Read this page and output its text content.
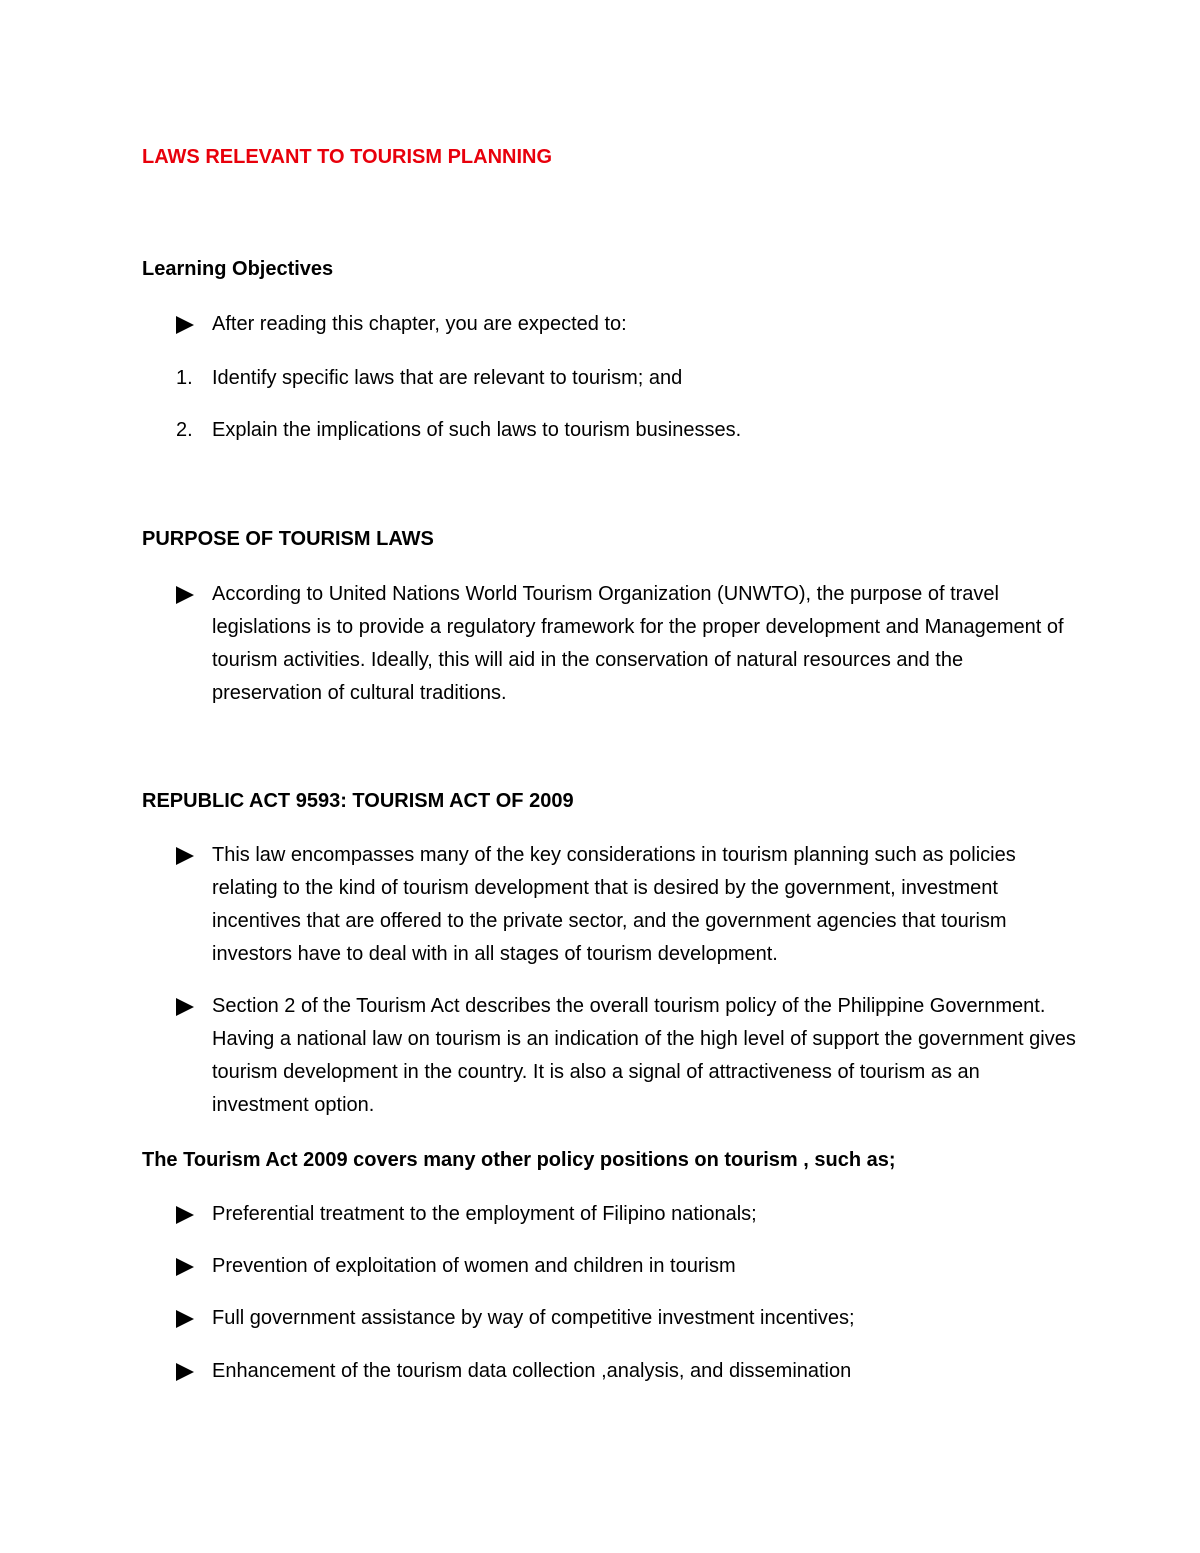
LAWS RELEVANT TO TOURISM PLANNING
Learning Objectives
After reading this chapter, you are expected to:
1. Identify specific laws that are relevant to tourism; and
2. Explain the implications of such laws to tourism businesses.
PURPOSE OF TOURISM LAWS
According to United Nations World Tourism Organization (UNWTO), the purpose of travel legislations is to provide a regulatory framework for the proper development and Management of tourism activities. Ideally, this will aid in the conservation of natural resources and the preservation of cultural traditions.
REPUBLIC ACT 9593: TOURISM ACT OF 2009
This law encompasses many of the key considerations in tourism planning such as policies relating to the kind of tourism development that is desired by the government, investment incentives that are offered to the private sector, and the government agencies that tourism investors have to deal with in all stages of tourism development.
Section 2 of the Tourism Act describes the overall tourism policy of the Philippine Government. Having a national law on tourism is an indication of the high level of support the government gives tourism development in the country. It is also a signal of attractiveness of tourism as an investment option.
The Tourism Act 2009 covers many other policy positions on tourism , such as;
Preferential treatment to the employment of Filipino nationals;
Prevention of exploitation of women and children in tourism
Full government assistance by way of competitive investment incentives;
Enhancement of the tourism data collection ,analysis, and dissemination
